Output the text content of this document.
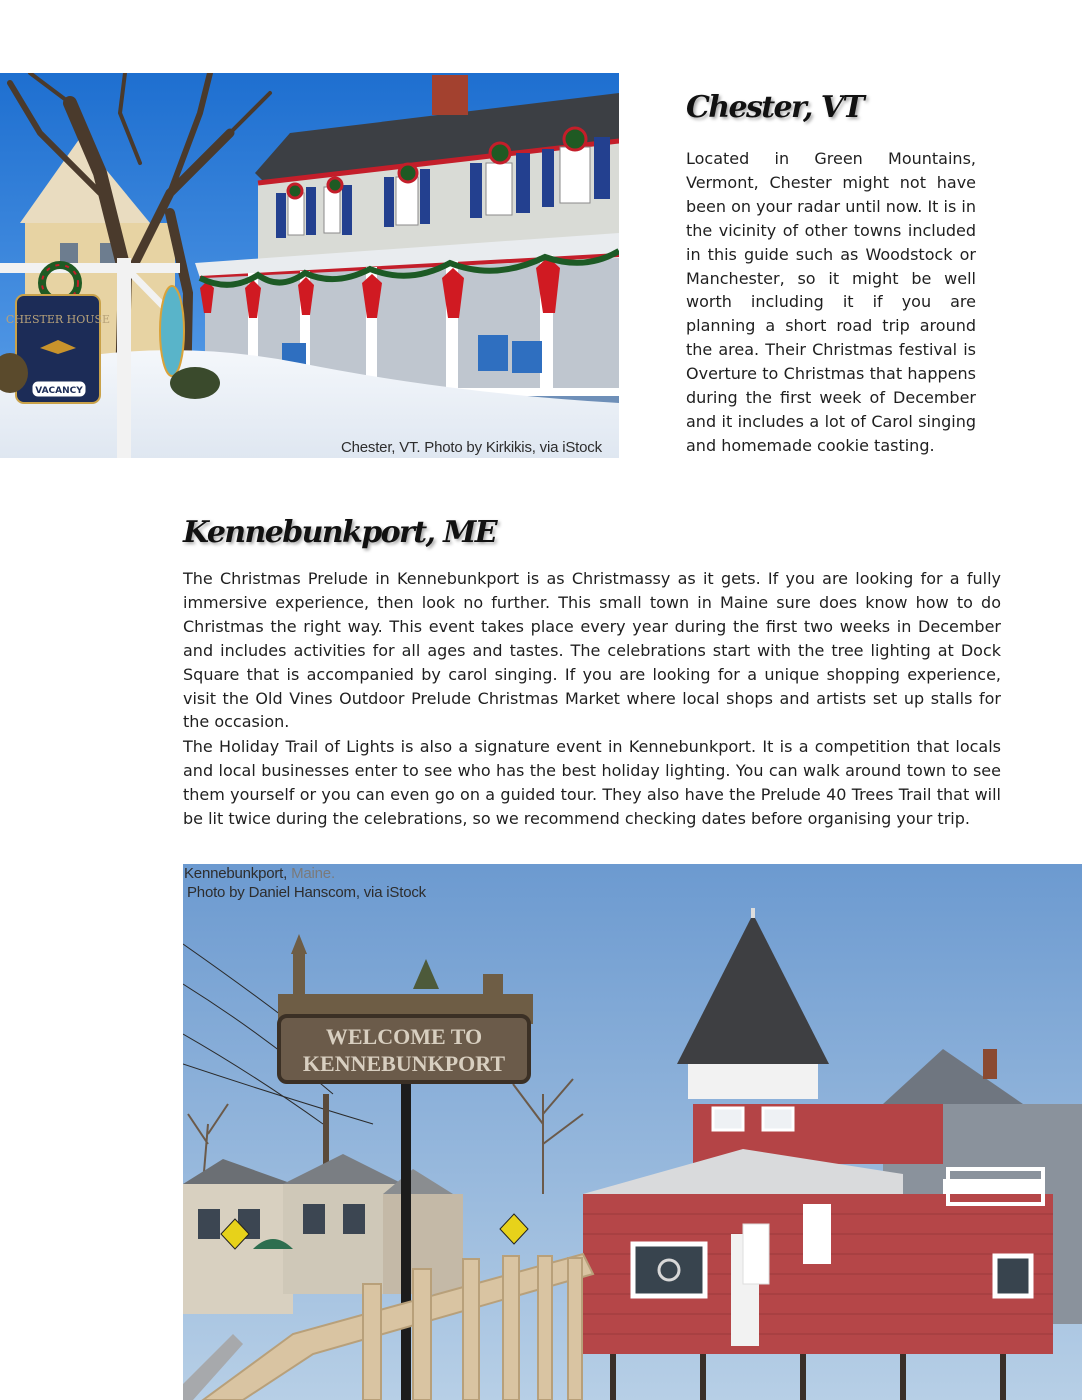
CHESTER HOUSE
VACANCY
Chester, VT. Photo by Kirkikis, via iStock
Chester, VT

Located in Green Mountains, Vermont, Chester might not have been on your radar until now. It is in the vicinity of other towns included in this guide such as Woodstock or Manchester, so it might be well worth including it if you are planning a short road trip around the area. Their Christmas festival is Overture to Christmas that happens during the first week of December and it includes a lot of Carol singing and homemade cookie tasting.

Kennebunkport, ME

The Christmas Prelude in Kennebunkport is as Christmassy as it gets. If you are looking for a fully immersive experience, then look no further. This small town in Maine sure does know how to do Christmas the right way. This event takes place every year during the first two weeks in December and includes activities for all ages and tastes. The celebrations start with the tree lighting at Dock Square that is accompanied by carol singing. If you are looking for a unique shopping experience, visit the Old Vines Outdoor Prelude Christmas Market where local shops and artists set up stalls for the occasion.

The Holiday Trail of Lights is also a signature event in Kennebunkport. It is a competition that locals and local businesses enter to see who has the best holiday lighting. You can walk around town to see them yourself or you can even go on a guided tour. They also have the Prelude 40 Trees Trail that will be lit twice during the celebrations, so we recommend checking dates before organising your trip.

WELCOME TO
KENNEBUNKPORT
Kennebunkport, Maine.
Photo by Daniel Hanscom, via iStock
